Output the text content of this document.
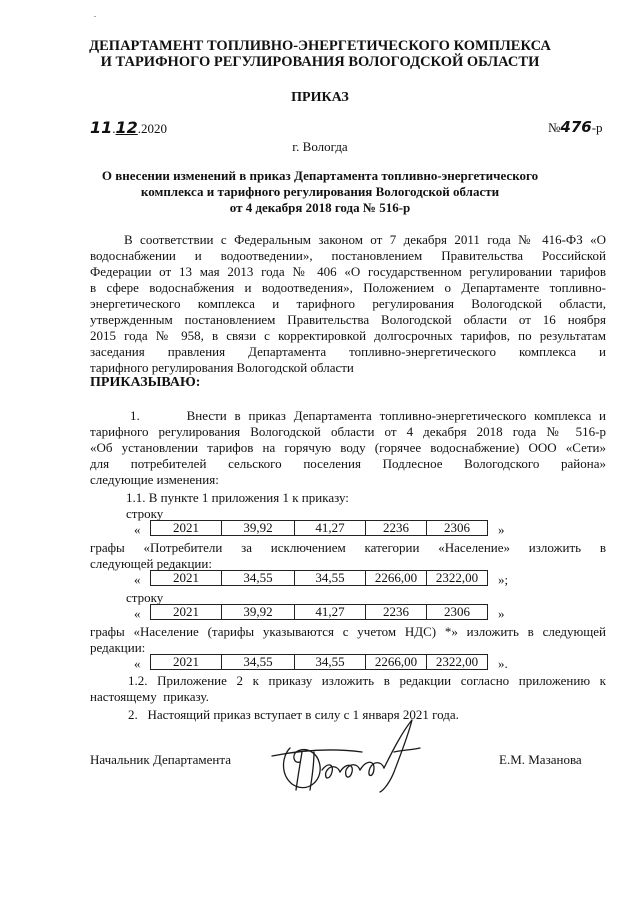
.
ДЕПАРТАМЕНТ ТОПЛИВНО-ЭНЕРГЕТИЧЕСКОГО КОМПЛЕКСА
И ТАРИФНОГО РЕГУЛИРОВАНИЯ ВОЛОГОДСКОЙ ОБЛАСТИ
ПРИКАЗ
11.12.2020	№476-р
г. Вологда
О внесении изменений в приказ Департамента топливно-энергетического
комплекса и тарифного регулирования Вологодской области
от 4 декабря 2018 года № 516-р
В соответствии с Федеральным законом от 7 декабря 2011 года № 416-ФЗ «О
водоснабжении и водоотведении», постановлением Правительства Российской
Федерации от 13 мая 2013 года № 406 «О государственном регулировании тарифов
в сфере водоснабжения и водоотведения», Положением о Департаменте топливно-
энергетического комплекса и тарифного регулирования Вологодской области,
утвержденным постановлением Правительства Вологодской области от 16 ноября
2015 года № 958, в связи с корректировкой долгосрочных тарифов, по результатам
заседания правления Департамента топливно-энергетического комплекса и
тарифного регулирования Вологодской области
ПРИКАЗЫВАЮ:
1.      Внести в приказ Департамента топливно-энергетического комплекса и
тарифного регулирования Вологодской области от 4 декабря 2018 года № 516-р
«Об установлении тарифов на горячую воду (горячее водоснабжение) ООО «Сети»
для потребителей сельского поселения Подлесное Вологодского района»
следующие изменения:
1.1. В пункте 1 приложения 1 к приказу:
строку
«	2021	39,92	41,27	2236	2306 »
графы «Потребители за исключением категории «Население» изложить в
следующей редакции:
«	2021	34,55	34,55	2266,00	2322,00 »;
строку
«	2021	39,92	41,27	2236	2306 »
графы «Население (тарифы указываются с учетом НДС) *» изложить в следующей
редакции:
«	2021	34,55	34,55	2266,00	2322,00 ».
1.2. Приложение 2 к приказу изложить в редакции согласно приложению к
настоящему  приказу.
2.   Настоящий приказ вступает в силу с 1 января 2021 года.
Начальник Департамента	Е.М. Мазанова
